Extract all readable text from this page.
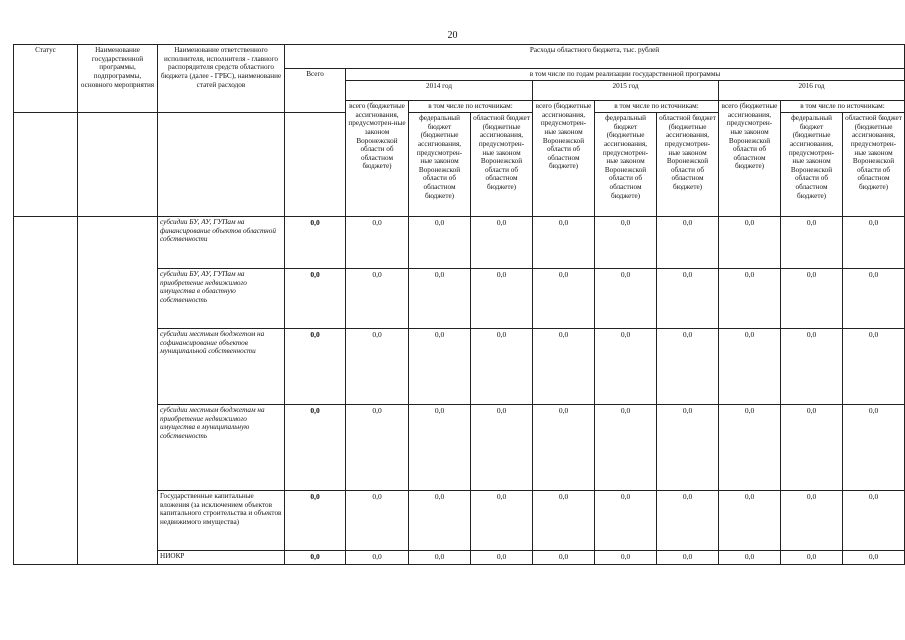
20
Статус	Наименование государственной программы, подпрограммы, основного мероприятия	Наименование ответственного исполнителя, исполнителя - главного распорядителя средств областного бюджета (далее - ГРБС), наименование статей расходов	Расходы областного бюджета, тыс. рублей									
			Всего	в том числе по годам реализации государственной программы								
				2014 год			2015 год			2016 год		
				всего (бюджетные ассигнования, предусмотрен-ные законом Воронежской области об областном бюджете)	в том числе по источникам:		всего (бюджетные ассигнования, предусмотрен-ные законом Воронежской области об областном бюджете)	в том числе по источникам:		всего (бюджетные ассигнования, предусмотрен-ные законом Воронежской области об областном бюджете)	в том числе по источникам:	
					федеральный бюджет (бюджетные ассигнования, предусмотрен-ные законом Воронежской области об областном бюджете)	областной бюджет (бюджетные ассигнования, предусмотрен-ные законом Воронежской области об областном бюджете)		федеральный бюджет (бюджетные ассигнования, предусмотрен-ные законом Воронежской области об областном бюджете)	областной бюджет (бюджетные ассигнования, предусмотрен-ные законом Воронежской области об областном бюджете)		федеральный бюджет (бюджетные ассигнования, предусмотрен-ные законом Воронежской области об областном бюджете)	областной бюджет (бюджетные ассигнования, предусмотрен-ные законом Воронежской области об областном бюджете)
		субсидии БУ, АУ, ГУПам на финансирование объектов областной собственности	0,0	0,0	0,0	0,0	0,0	0,0	0,0	0,0	0,0	0,0
		субсидии БУ, АУ, ГУПам на приобретение недвижимого имущества в областную собственность	0,0	0,0	0,0	0,0	0,0	0,0	0,0	0,0	0,0	0,0
		субсидии местным бюджетом на софинансирование объектов муниципальной собственности	0,0	0,0	0,0	0,0	0,0	0,0	0,0	0,0	0,0	0,0
		субсидии местным бюджетам на приобретение недвижимого имущества в муниципальную собственность	0,0	0,0	0,0	0,0	0,0	0,0	0,0	0,0	0,0	0,0
		Государственные капитальные вложения (за исключением объектов капитального строительства и объектов недвижимого имущества)	0,0	0,0	0,0	0,0	0,0	0,0	0,0	0,0	0,0	0,0
		НИОКР	0,0	0,0	0,0	0,0	0,0	0,0	0,0	0,0	0,0	0,0
